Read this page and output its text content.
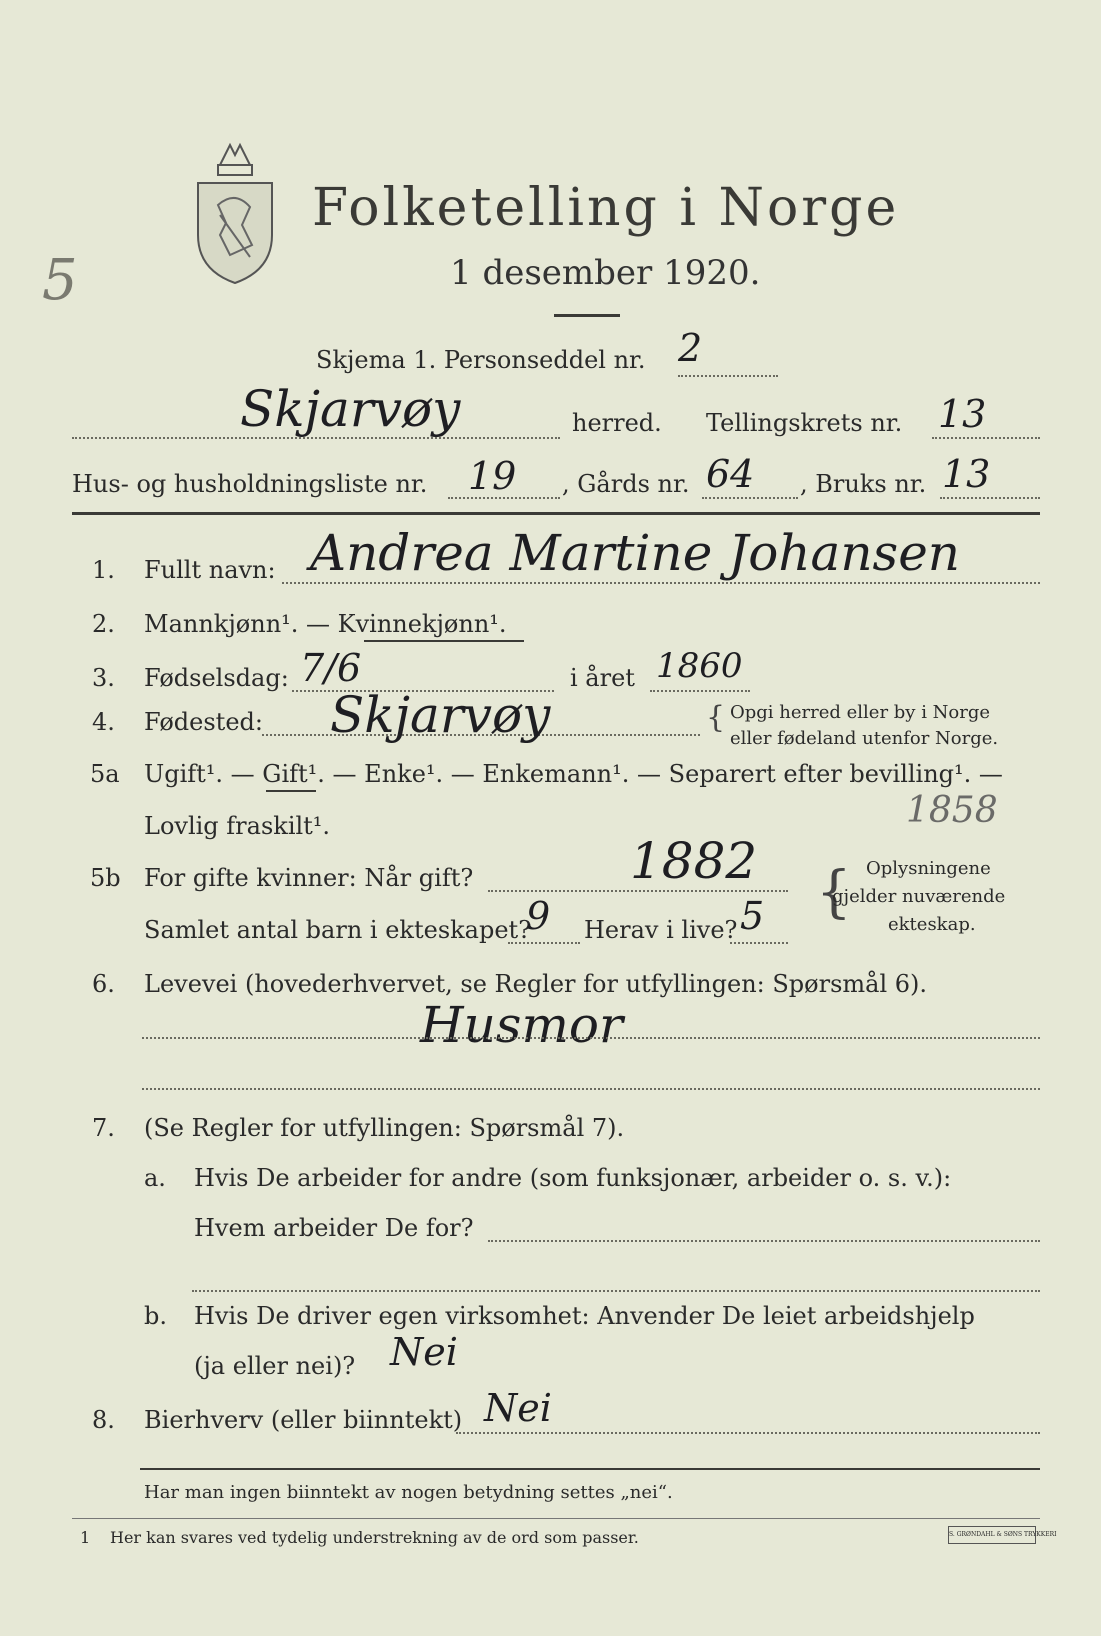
5
Folketelling i Norge
1 desember 1920.
Skjema 1. Personseddel nr. 2
Skjarvøy	herred. Tellingskrets nr. 13
Hus- og husholdningsliste nr. 19 , Gårds nr. 64 , Bruks nr. 13
1. Fullt navn: Andrea Martine Johansen
2. Mannkjønn¹. — Kvinnekjønn¹.
3. Fødselsdag: 7/6	i året 1860
4. Fødested: Skjarvøy	{ Opgi herred eller by i Norge
eller fødeland utenfor Norge.
5a Ugift¹. — Gift¹. — Enke¹. — Enkemann¹. — Separert efter bevilling¹. —
Lovlig fraskilt¹.	1858
5b For gifte kvinner: Når gift?	1882
Samlet antal barn i ekteskapet?
9 Herav i live? 5 { Oplysningene
gjelder nuværende
ekteskap.
6. Levevei (hovederhvervet, se Regler for utfyllingen: Spørsmål 6).
Husmor
7. (Se Regler for utfyllingen: Spørsmål 7).
a. Hvis De arbeider for andre (som funksjonær, arbeider o. s. v.):
Hvem arbeider De for?
b. Hvis De driver egen virksomhet: Anvender De leiet arbeidshjelp
(ja eller nei)? Nei
8. Bierhverv (eller biinntekt) Nei
Har man ingen biinntekt av nogen betydning settes „nei“.
1 Her kan svares ved tydelig understrekning av de ord som passer.	S. GRØNDAHL & SØNS TRYKKERI
